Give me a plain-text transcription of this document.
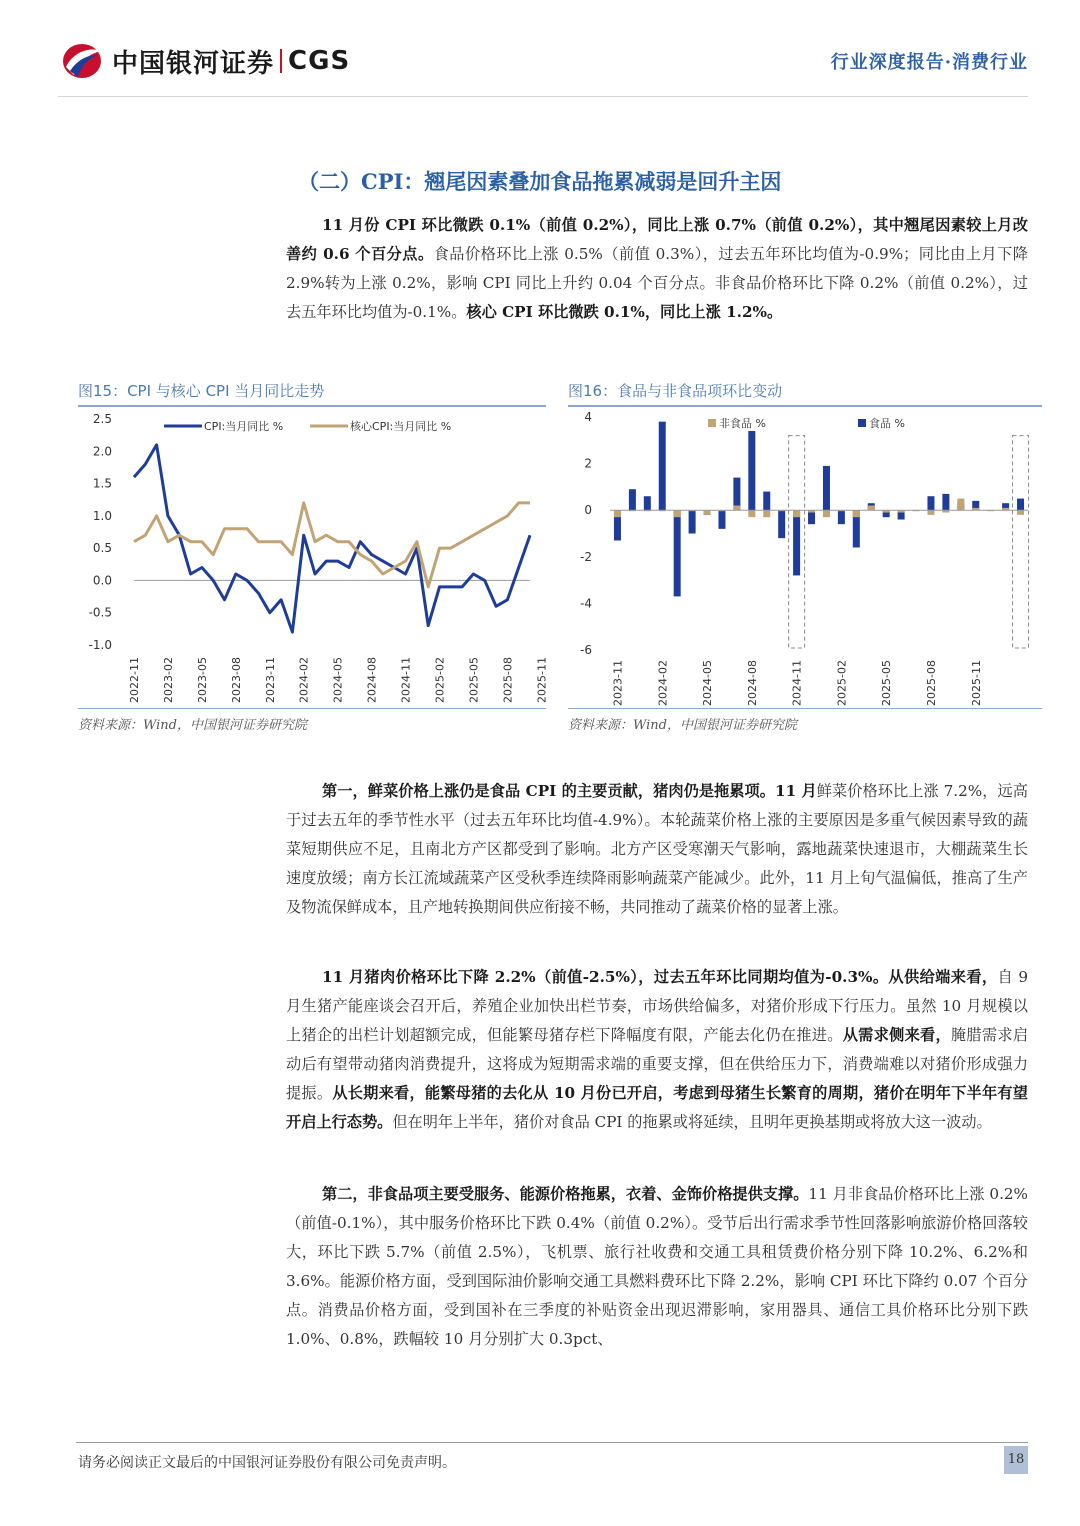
中国银河证券 CGS	行业深度报告·消费行业
（二）CPI：翘尾因素叠加食品拖累减弱是回升主因
11 月份 CPI 环比微跌 0.1%（前值 0.2%），同比上涨 0.7%（前值 0.2%），其中翘尾因素较上月改善约 0.6 个百分点。食品价格环比上涨 0.5%（前值 0.3%），过去五年环比均值为-0.9%；同比由上月下降 2.9%转为上涨 0.2%，影响 CPI 同比上升约 0.04 个百分点。非食品价格环比下降 0.2%（前值 0.2%），过去五年环比均值为-0.1%。核心 CPI 环比微跌 0.1%，同比上涨 1.2%。
图15：CPI 与核心 CPI 当月同比走势
2.5
2.0
1.5
1.0
0.5
0.0
-0.5
-1.0
2022-11 2023-02 2023-05 2023-08 2023-11 2024-02 2024-05 2024-08 2024-11 2025-02 2025-05 2025-08 2025-11
CPI:当月同比 %	核心CPI:当月同比 %
资料来源：Wind，中国银河证券研究院
图16：食品与非食品项环比变动
4
2
0
-2
-4
-6
2023-11	2024-02	2024-05	2024-08	2024-11	2025-02	2025-05	2025-08	2025-11
非食品 %	食品 %
资料来源：Wind，中国银河证券研究院
第一，鲜菜价格上涨仍是食品 CPI 的主要贡献，猪肉仍是拖累项。11 月鲜菜价格环比上涨 7.2%，远高于过去五年的季节性水平（过去五年环比均值-4.9%）。本轮蔬菜价格上涨的主要原因是多重气候因素导致的蔬菜短期供应不足，且南北方产区都受到了影响。北方产区受寒潮天气影响，露地蔬菜快速退市，大棚蔬菜生长速度放缓；南方长江流域蔬菜产区受秋季连续降雨影响蔬菜产能减少。此外，11 月上旬气温偏低，推高了生产及物流保鲜成本，且产地转换期间供应衔接不畅，共同推动了蔬菜价格的显著上涨。
11 月猪肉价格环比下降 2.2%（前值-2.5%），过去五年环比同期均值为-0.3%。从供给端来看，自 9 月生猪产能座谈会召开后，养殖企业加快出栏节奏，市场供给偏多，对猪价形成下行压力。虽然 10 月规模以上猪企的出栏计划超额完成，但能繁母猪存栏下降幅度有限，产能去化仍在推进。从需求侧来看，腌腊需求启动后有望带动猪肉消费提升，这将成为短期需求端的重要支撑，但在供给压力下，消费端难以对猪价形成强力提振。从长期来看，能繁母猪的去化从 10 月份已开启，考虑到母猪生长繁育的周期，猪价在明年下半年有望开启上行态势。但在明年上半年，猪价对食品 CPI 的拖累或将延续，且明年更换基期或将放大这一波动。
第二，非食品项主要受服务、能源价格拖累，衣着、金饰价格提供支撑。11 月非食品价格环比上涨 0.2%（前值-0.1%），其中服务价格环比下跌 0.4%（前值 0.2%）。受节后出行需求季节性回落影响旅游价格回落较大，环比下跌 5.7%（前值 2.5%），飞机票、旅行社收费和交通工具租赁费价格分别下降 10.2%、6.2%和 3.6%。能源价格方面，受到国际油价影响交通工具燃料费环比下降 2.2%，影响 CPI 环比下降约 0.07 个百分点。消费品价格方面，受到国补在三季度的补贴资金出现迟滞影响，家用器具、通信工具价格环比分别下跌 1.0%、0.8%，跌幅较 10 月分别扩大 0.3pct、
请务必阅读正文最后的中国银河证券股份有限公司免责声明。	18
